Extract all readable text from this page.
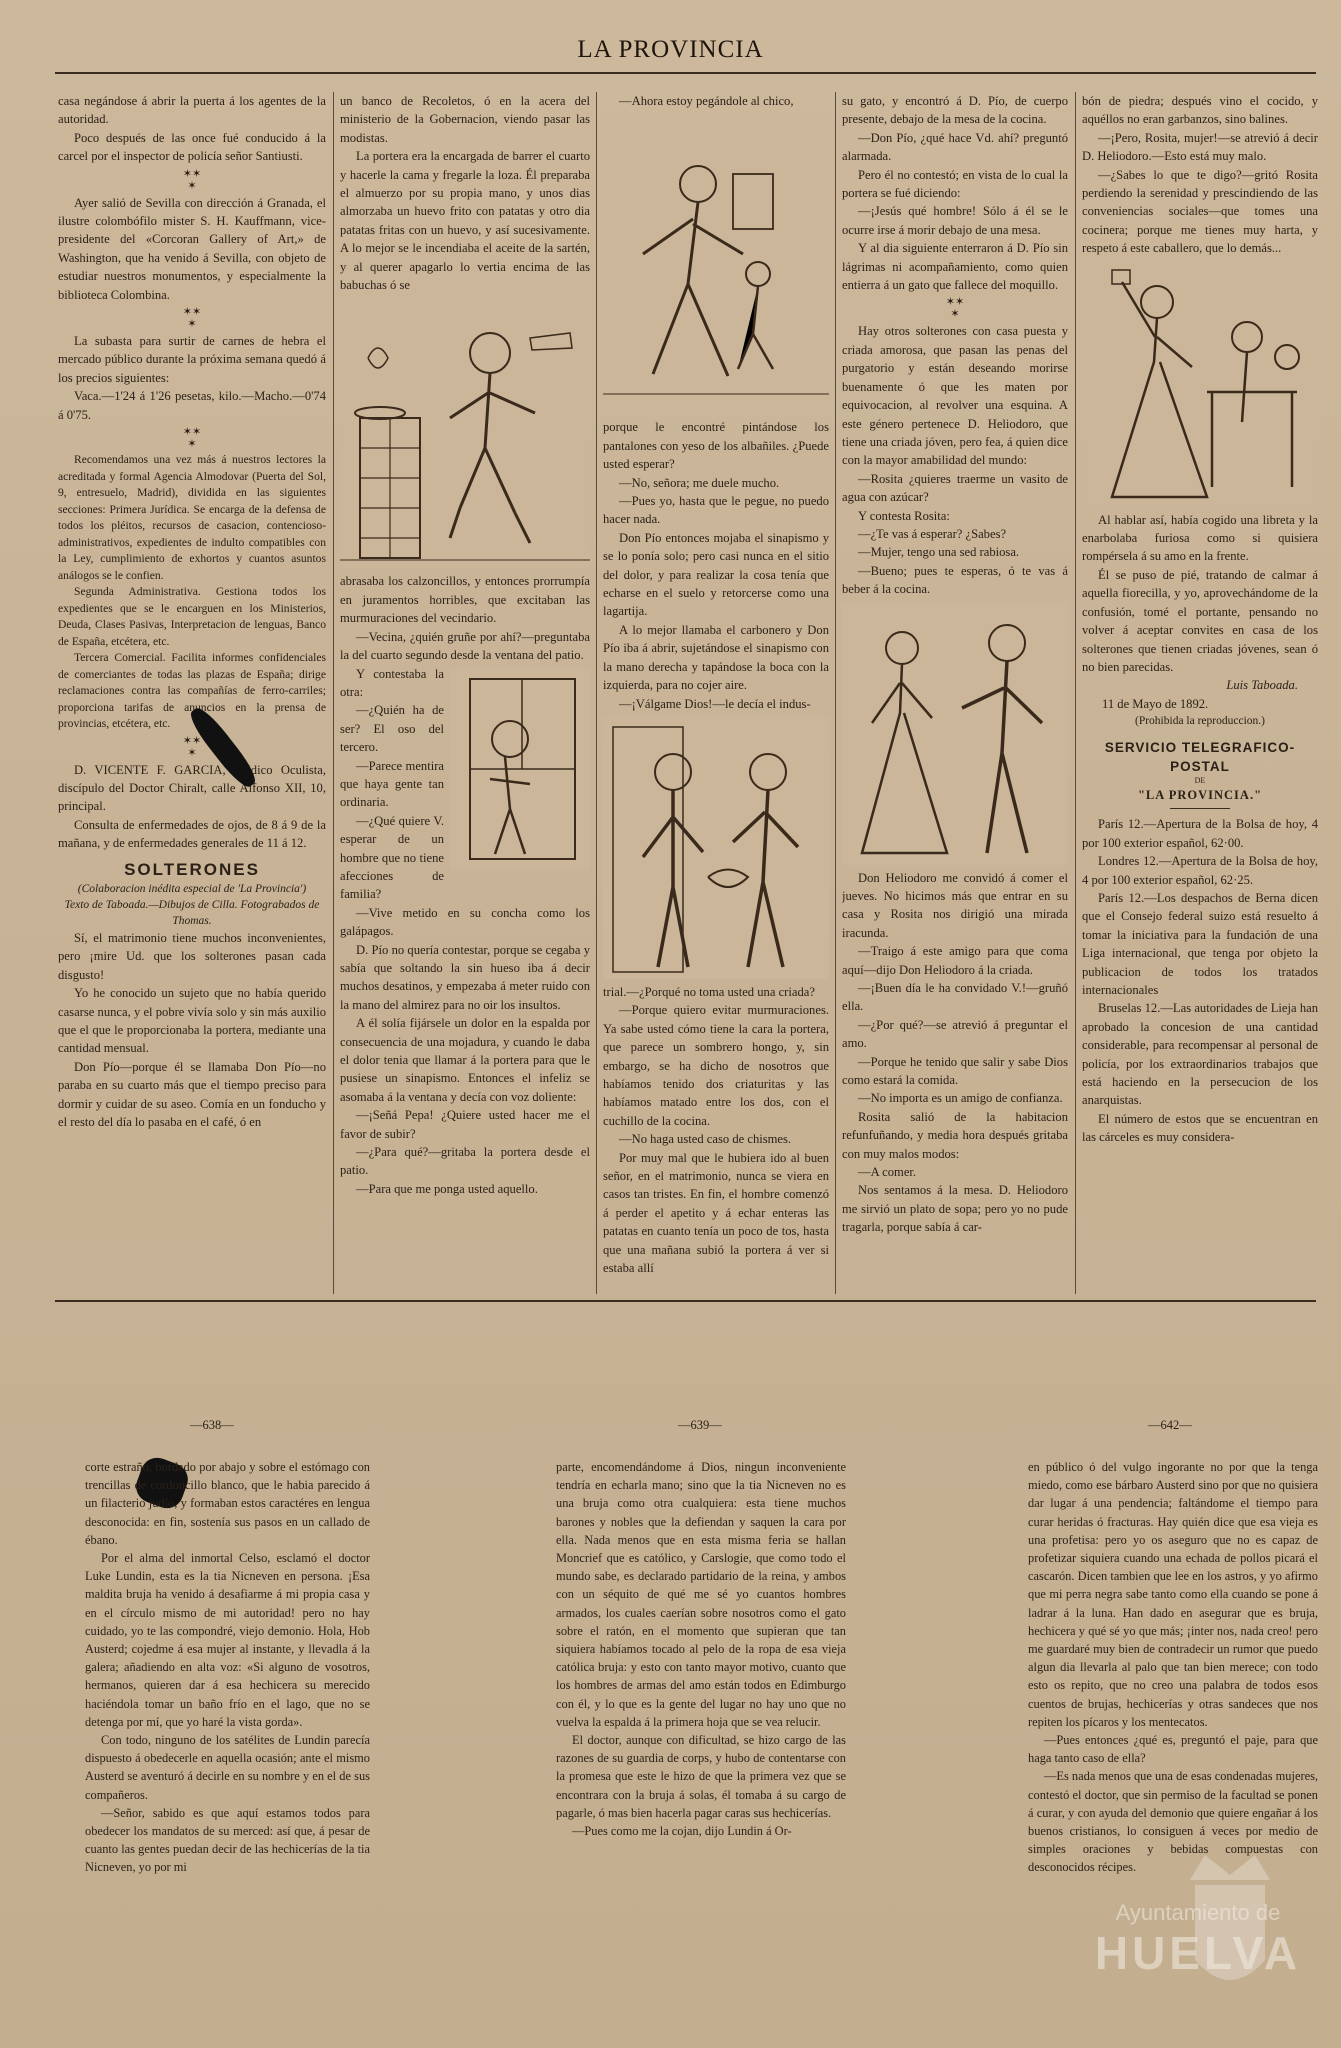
LA PROVINCIA

casa negándose á abrir la puerta á los agentes de la autoridad.

Poco después de las once fué conducido á la carcel por el inspector de policía señor Santiusti.

✶✶
✶

Ayer salió de Sevilla con dirección á Granada, el ilustre colombófilo mister S. H. Kauffmann, vice-presidente del «Corcoran Gallery of Art,» de Washington, que ha venido á Sevilla, con objeto de estudiar nuestros monumentos, y especialmente la biblioteca Colombina.

✶✶
✶

La subasta para surtir de carnes de hebra el mercado público durante la próxima semana quedó á los precios siguientes:

Vaca.—1'24 á 1'26 pesetas, kilo.—Macho.—0'74 á 0'75.

✶✶
✶

Recomendamos una vez más á nuestros lectores la acreditada y formal Agencia Almodovar (Puerta del Sol, 9, entresuelo, Madrid), dividida en las siguientes secciones: Primera Jurídica. Se encarga de la defensa de todos los pléitos, recursos de casacion, contencioso-administrativos, expedientes de indulto compatibles con la Ley, cumplimiento de exhortos y cuantos asuntos análogos se le confien.

Segunda Administrativa. Gestiona todos los expedientes que se le encarguen en los Ministerios, Deuda, Clases Pasivas, Interpretacion de lenguas, Banco de España, etcétera, etc.

Tercera Comercial. Facilita informes confidenciales de comerciantes de todas las plazas de España; dirige reclamaciones contra las compañías de ferro-carriles; proporciona tarifas de anuncios en la prensa de provincias, etcétera, etc.

✶✶
✶

D. VICENTE F. GARCIA, Médico Oculista, discípulo del Doctor Chiralt, calle Alfonso XII, 10, principal.

Consulta de enfermedades de ojos, de 8 á 9 de la mañana, y de enfermedades generales de 11 á 12.

SOLTERONES
(Colaboracion inédita especial de 'La Provincia')
Texto de Taboada.—Dibujos de Cilla. Fotograbados de Thomas.

Sí, el matrimonio tiene muchos inconvenientes, pero ¡mire Ud. que los solterones pasan cada disgusto!

Yo he conocido un sujeto que no había querido casarse nunca, y el pobre vivía solo y sin más auxilio que el que le proporcionaba la portera, mediante una cantidad mensual.

Don Pío—porque él se llamaba Don Pío—no paraba en su cuarto más que el tiempo preciso para dormir y cuidar de su aseo. Comía en un fonducho y el resto del día lo pasaba en el café, ó en

un banco de Recoletos, ó en la acera del ministerio de la Gobernacion, viendo pasar las modistas.

La portera era la encargada de barrer el cuarto y hacerle la cama y fregarle la loza. Él preparaba el almuerzo por su propia mano, y unos dias almorzaba un huevo frito con patatas y otro dia patatas fritas con un huevo, y así sucesivamente. A lo mejor se le incendiaba el aceite de la sartén, y al querer apagarlo lo vertia encima de las babuchas ó se

abrasaba los calzoncillos, y entonces prorrumpía en juramentos horribles, que excitaban las murmuraciones del vecindario.

—Vecina, ¿quién gruñe por ahí?—preguntaba la del cuarto segundo desde la ventana del patio.

Y contestaba la otra:

—¿Quién ha de ser? El oso del tercero.

—Parece mentira que haya gente tan ordinaria.

—¿Qué quiere V. esperar de un hombre que no tiene afecciones de familia?

—Vive metido en su concha como los galápagos.

D. Pío no quería contestar, porque se cegaba y sabía que soltando la sin hueso iba á decir muchos desatinos, y empezaba á meter ruido con la mano del almirez para no oir los insultos.

A él solía fijársele un dolor en la espalda por consecuencia de una mojadura, y cuando le daba el dolor tenia que llamar á la portera para que le pusiese un sinapismo. Entonces el infeliz se asomaba á la ventana y decía con voz doliente:

—¡Señá Pepa! ¿Quiere usted hacer me el favor de subir?

—¿Para qué?—gritaba la portera desde el patio.

—Para que me ponga usted aquello.

—Ahora estoy pegándole al chico,

porque le encontré pintándose los pantalones con yeso de los albañiles. ¿Puede usted esperar?

—No, señora; me duele mucho.

—Pues yo, hasta que le pegue, no puedo hacer nada.

Don Pío entonces mojaba el sinapismo y se lo ponía solo; pero casi nunca en el sitio del dolor, y para realizar la cosa tenía que echarse en el suelo y retorcerse como una lagartija.

A lo mejor llamaba el carbonero y Don Pío iba á abrir, sujetándose el sinapismo con la mano derecha y tapándose la boca con la izquierda, para no cojer aire.

—¡Válgame Dios!—le decía el indus-

trial.—¿Porqué no toma usted una criada?

—Porque quiero evitar murmuraciones. Ya sabe usted cómo tiene la cara la portera, que parece un sombrero hongo, y, sin embargo, se ha dicho de nosotros que habíamos tenido dos criaturitas y las habíamos matado entre los dos, con el cuchillo de la cocina.

—No haga usted caso de chismes.

Por muy mal que le hubiera ido al buen señor, en el matrimonio, nunca se viera en casos tan tristes. En fin, el hombre comenzó á perder el apetito y á echar enteras las patatas en cuanto tenía un poco de tos, hasta que una mañana subió la portera á ver si estaba allí

su gato, y encontró á D. Pío, de cuerpo presente, debajo de la mesa de la cocina.

—Don Pío, ¿qué hace Vd. ahí? preguntó alarmada.

Pero él no contestó; en vista de lo cual la portera se fué diciendo:

—¡Jesús qué hombre! Sólo á él se le ocurre irse á morir debajo de una mesa.

Y al dia siguiente enterraron á D. Pío sin lágrimas ni acompañamiento, como quien entierra á un gato que fallece del moquillo.

✶✶
✶

Hay otros solterones con casa puesta y criada amorosa, que pasan las penas del purgatorio y están deseando morirse buenamente ó que les maten por equivocacion, al revolver una esquina. A este género pertenece D. Heliodoro, que tiene una criada jóven, pero fea, á quien dice con la mayor amabilidad del mundo:

—Rosita ¿quieres traerme un vasito de agua con azúcar?

Y contesta Rosita:

—¿Te vas á esperar? ¿Sabes?

—Mujer, tengo una sed rabiosa.

—Bueno; pues te esperas, ó te vas á beber á la cocina.

Don Heliodoro me convidó á comer el jueves. No hicimos más que entrar en su casa y Rosita nos dirigió una mirada iracunda.

—Traigo á este amigo para que coma aquí—dijo Don Heliodoro á la criada.

—¡Buen día le ha convidado V.!—gruñó ella.

—¿Por qué?—se atrevió á preguntar el amo.

—Porque he tenido que salir y sabe Dios como estará la comida.

—No importa es un amigo de confianza.

Rosita salió de la habitacion refunfuñando, y media hora después gritaba con muy malos modos:

—A comer.

Nos sentamos á la mesa. D. Heliodoro me sirvió un plato de sopa; pero yo no pude tragarla, porque sabía á car-

bón de piedra; después vino el cocido, y aquéllos no eran garbanzos, sino balines.

—¡Pero, Rosita, mujer!—se atrevió á decir D. Heliodoro.—Esto está muy malo.

—¿Sabes lo que te digo?—gritó Rosita perdiendo la serenidad y prescindiendo de las conveniencias sociales—que tomes una cocinera; porque me tienes muy harta, y respeto á este caballero, que lo demás...

Al hablar así, había cogido una libreta y la enarbolaba furiosa como si quisiera rompérsela á su amo en la frente.

Él se puso de pié, tratando de calmar á aquella fiorecilla, y yo, aprovechándome de la confusión, tomé el portante, pensando no volver á aceptar convites en casa de los solterones que tienen criadas jóvenes, sean ó no bien parecidas.

Luis Taboada.
11 de Mayo de 1892.
(Prohibida la reproduccion.)
SERVICIO TELEGRAFICO-POSTAL
DE
"LA PROVINCIA."

París 12.—Apertura de la Bolsa de hoy, 4 por 100 exterior español, 62·00.

Londres 12.—Apertura de la Bolsa de hoy, 4 por 100 exterior español, 62·25.

París 12.—Los despachos de Berna dicen que el Consejo federal suizo está resuelto á tomar la iniciativa para la fundación de una Liga internacional, que tenga por objeto la publicacion de todos los tratados internacionales

Bruselas 12.—Las autoridades de Lieja han aprobado la concesion de una cantidad considerable, para recompensar al personal de policía, por los extraordinarios trabajos que está haciendo en la persecucion de los anarquistas.

El número de estos que se encuentran en las cárceles es muy considera-

—638—	—639—	—642—

corte estraño, bordado por abajo y sobre el estómago con trencillas de cordoncillo blanco, que le habia parecido á un filacterio judío, y formaban estos caractéres en lengua desconocida: en fin, sostenía sus pasos en un callado de ébano.

Por el alma del inmortal Celso, esclamó el doctor Luke Lundin, esta es la tia Nicneven en persona. ¡Esa maldita bruja ha venido á desafiarme á mi propia casa y en el círculo mismo de mi autoridad! pero no hay cuidado, yo te las compondré, viejo demonio. Hola, Hob Austerd; cojedme á esa mujer al instante, y llevadla á la galera; añadiendo en alta voz: «Si alguno de vosotros, hermanos, quieren dar á esa hechicera su merecido haciéndola tomar un baño frío en el lago, que no se detenga por mí, que yo haré la vista gorda».

Con todo, ninguno de los satélites de Lundin parecía dispuesto á obedecerle en aquella ocasión; ante el mismo Austerd se aventuró á decirle en su nombre y en el de sus compañeros.

—Señor, sabido es que aquí estamos todos para obedecer los mandatos de su merced: así que, á pesar de cuanto las gentes puedan decir de las hechicerías de la tia Nicneven, yo por mi

parte, encomendándome á Dios, ningun inconveniente tendría en echarla mano; sino que la tia Nicneven no es una bruja como otra cualquiera: esta tiene muchos barones y nobles que la defiendan y saquen la cara por ella. Nada menos que en esta misma feria se hallan Moncrief que es católico, y Carslogie, que como todo el mundo sabe, es declarado partidario de la reina, y ambos con un séquito de qué me sé yo cuantos hombres armados, los cuales caerían sobre nosotros como el gato sobre el ratón, en el momento que supieran que tan siquiera habíamos tocado al pelo de la ropa de esa vieja católica bruja: y esto con tanto mayor motivo, cuanto que los hombres de armas del amo están todos en Edimburgo con él, y lo que es la gente del lugar no hay uno que no vuelva la espalda á la primera hoja que se vea relucir.

El doctor, aunque con dificultad, se hizo cargo de las razones de su guardia de corps, y hubo de contentarse con la promesa que este le hizo de que la primera vez que se encontrara con la bruja á solas, él tomaba á su cargo de pagarle, ó mas bien hacerla pagar caras sus hechicerías.

—Pues como me la cojan, dijo Lundin á Or-

en público ó del vulgo ingorante no por que la tenga miedo, como ese bárbaro Austerd sino por que no quisiera dar lugar á una pendencia; faltándome el tiempo para curar heridas ó fracturas. Hay quién dice que esa vieja es una profetisa: pero yo os aseguro que no es capaz de profetizar siquiera cuando una echada de pollos picará el cascarón. Dicen tambien que lee en los astros, y yo afirmo que mi perra negra sabe tanto como ella cuando se pone á ladrar á la luna. Han dado en asegurar que es bruja, hechicera y qué sé yo que más; ¡inter nos, nada creo! pero me guardaré muy bien de contradecir un rumor que puedo algun dia llevarla al palo que tan bien merece; con todo esto os repito, que no creo una palabra de todos esos cuentos de brujas, hechicerías y otras sandeces que nos repiten los pícaros y los mentecatos.

—Pues entonces ¿qué es, preguntó el paje, para que haga tanto caso de ella?

—Es nada menos que una de esas condenadas mujeres, contestó el doctor, que sin permiso de la facultad se ponen á curar, y con ayuda del demonio que quiere engañar á los buenos cristianos, lo consiguen á veces por medio de simples oraciones y bebidas compuestas con desconocidos récipes.

Ayuntamiento de
HUELVA
